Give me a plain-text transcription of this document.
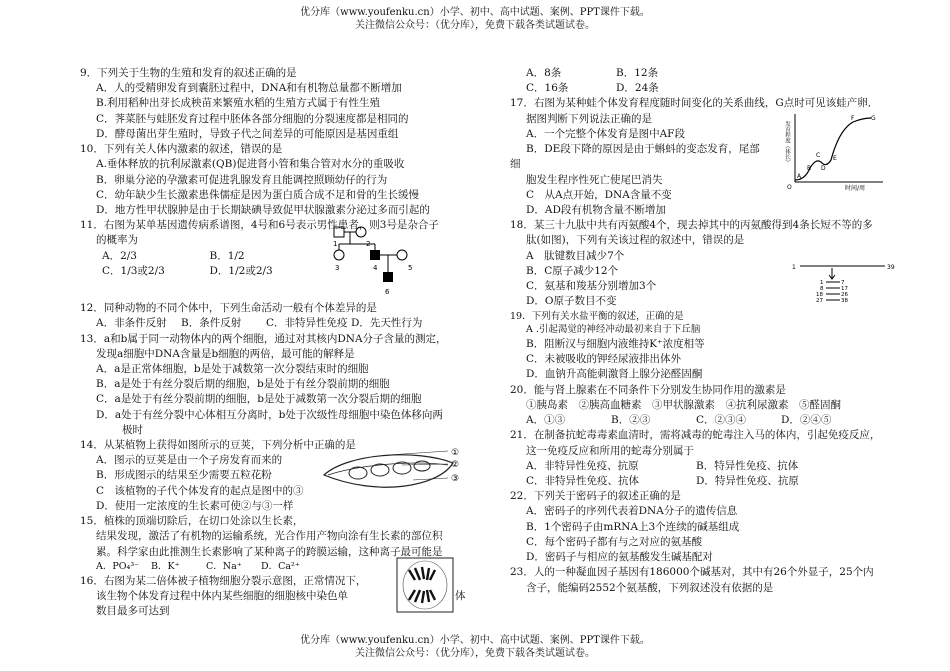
优分库（www.youfenku.cn）小学、初中、高中试题、案例、PPT课件下载。
关注微信公众号：（优分库），免费下载各类试题试卷。

9．下列关于生物的生殖和发育的叙述正确的是

A．人的受精卵发育到囊胚过程中，DNA和有机物总量都不断增加

B.利用稻种出芽长成秧苗来繁殖水稻的生殖方式属于有性生殖

C．荠菜胚与蛙胚发育过程中胚体各部分细胞的分裂速度都是相同的

D．酵母菌出芽生殖时，导致子代之间差异的可能原因是基因重组

10．下列有关人体内激素的叙述，错误的是

A.垂体释放的抗利尿激素(QB)促进肾小管和集合管对水分的重吸收

B．卵巢分泌的孕激素可促进乳腺发育且能调控照顾幼仔的行为

C．幼年缺少生长激素患侏儒症是因为蛋白质合成不足和骨的生长缓慢

D．地方性甲状腺肿是由于长期缺碘导致促甲状腺激素分泌过多而引起的

11．右图为某单基因遗传病系谱图，4号和6号表示男性患者，则3号是杂合子

的概率为

A．2/3	B．1/2
C．1/3或2/3	D．1/2或2/3

12．同种动物的不同个体中，下列生命活动一般有个体差异的是

A．非条件反射	B．条件反射	C．非特异性免疫 D．先天性行为

13．a和b属于同一动物体内的两个细胞，通过对其核内DNA分子含量的测定，

发现a细胞中DNA含量是b细胞的两倍，最可能的解释是

A．a是正常体细胞，b是处于减数第一次分裂结束时的细胞

B．a是处于有丝分裂后期的细胞，b是处于有丝分裂前期的细胞

C．a是处于有丝分裂前期的细胞，b是处于减数第一次分裂后期的细胞

D．a处于有丝分裂中心体相互分离时，b处于次级性母细胞中染色体移向两

极时

14．从某植物上获得如图所示的豆荚，下列分析中正确的是

A．图示的豆荚是由一个子房发育而来的

B．形成图示的结果至少需要五粒花粉

C　该植物的子代个体发育的起点是图中的③

D．使用一定浓度的生长素可使②与③一样

15．植株的顶端切除后，在切口处涂以生长素，

结果发现，激活了有机物的运输系统，光合作用产物向涂有生长素的部位积

累。科学家由此推测生长素影响了某种离子的跨膜运输，这种离子最可能是

A．PO₄³⁻	B．K⁺	C．Na⁺	D．Ca²⁺

16．右图为某二倍体被子植物细胞分裂示意图，正常情况下，

该生物个体发育过程中体内某些细胞的细胞核中染色单	体

数目最多可达到

1	2
3	4	5
6
①
②
③
A．8条	B．12条
C．16条	D．24条

17．右图为某种蛙个体发育程度随时间变化的关系曲线，G点时可见该蛙产卵．

据图判断下列说法正确的是

A．一个完整个体发育是图中AF段

B．DE段下降的原因是由于蝌蚪的变态发育，尾部

细

胞发生程序性死亡使尾巴消失

C　从A点开始，DNA含量不变

D．AD段有机物含量不断增加

18．某三十九肽中共有丙氨酸4个，现去掉其中的丙氨酸得到4条长短不等的多

肽(如图)，下列有关该过程的叙述中，错误的是

A　肽键数目减少7个

B．C原子减少12个

C．氨基和羧基分别增加3个

D．O原子数目不变

19．下列有关水盐平衡的叙述，正确的是

A .引起渴觉的神经冲动最初来自于下丘脑

B．阻断汉与细胞内液维持K⁺浓度相等

C．未被吸收的钾经尿液排出体外

D．血钠升高能刺激肾上腺分泌醛固酮

20．能与肾上腺素在不同条件下分别发生协同作用的激素是

①胰岛素　②胰高血糖素　③甲状腺激素　④抗利尿激素　⑤醛固酮

A．①③	B．②③	C．②③④	D．②④⑤

21．在制备抗蛇毒毒素血清时，需将减毒的蛇毒注入马的体内，引起免疫反应，

这一免疫反应和所用的蛇毒分别属于

A．非特异性免疫、抗原	B．特异性免疫、抗体
C．非特异性免疫、抗体	D．特异性免疫、抗原

22．下列关于密码子的叙述正确的是

A．密码子的序列代表着DNA分子的遗传信息

B．1个密码子由mRNA上3个连续的碱基组成

C．每个密码子都有与之对应的氨基酸

D．密码子与相应的氨基酸发生碱基配对

23．人的一种凝血因子基因有186000个碱基对，其中有26个外显子，25个内

含子，能编码2552个氨基酸，下列叙述没有依据的是

发育程度（体长）
时间/周
A
B
C
D
E
F	G
O
1	39
1	7
8	17
18	26
27	38
优分库（www.youfenku.cn）小学、初中、高中试题、案例、PPT课件下载。
关注微信公众号：（优分库），免费下载各类试题试卷。
